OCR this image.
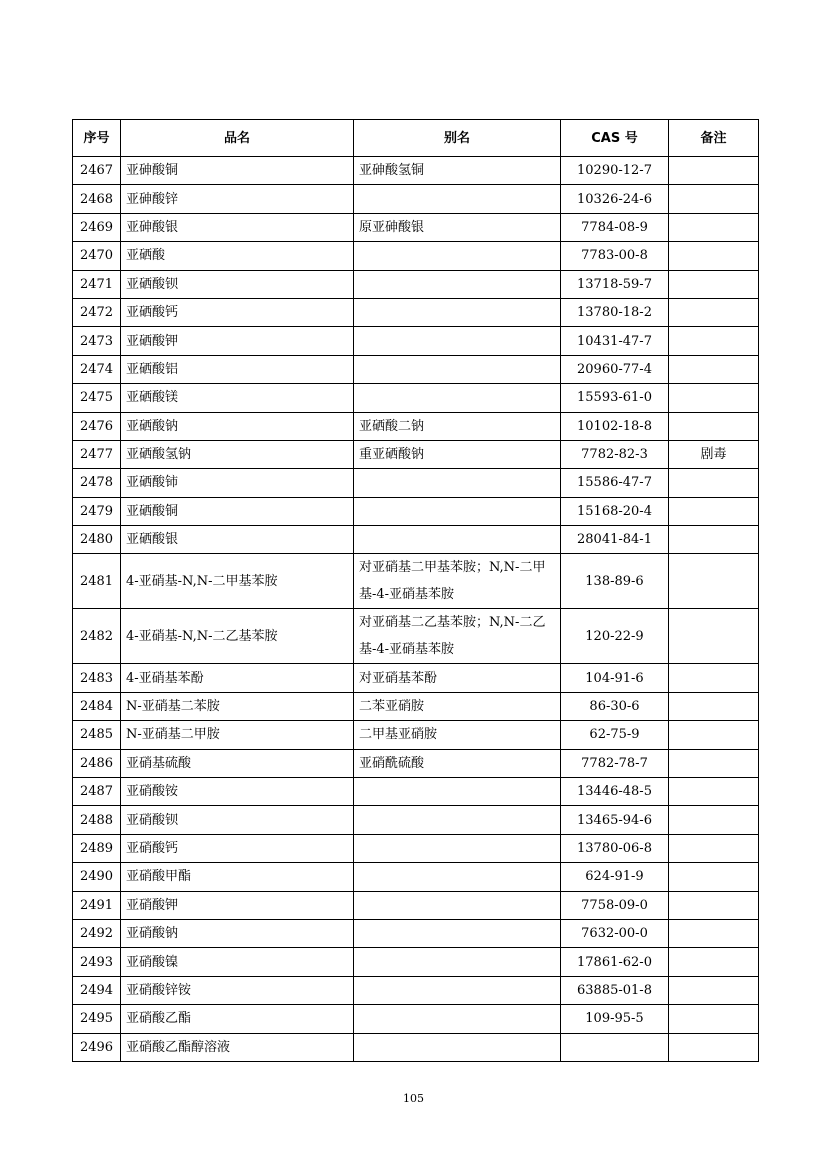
序号	品名	别名	CAS 号	备注
2467	亚砷酸铜	亚砷酸氢铜	10290-12-7	
2468	亚砷酸锌		10326-24-6	
2469	亚砷酸银	原亚砷酸银	7784-08-9	
2470	亚硒酸		7783-00-8	
2471	亚硒酸钡		13718-59-7	
2472	亚硒酸钙		13780-18-2	
2473	亚硒酸钾		10431-47-7	
2474	亚硒酸铝		20960-77-4	
2475	亚硒酸镁		15593-61-0	
2476	亚硒酸钠	亚硒酸二钠	10102-18-8	
2477	亚硒酸氢钠	重亚硒酸钠	7782-82-3	剧毒
2478	亚硒酸铈		15586-47-7	
2479	亚硒酸铜		15168-20-4	
2480	亚硒酸银		28041-84-1	
2481	4-亚硝基-N,N-二甲基苯胺	对亚硝基二甲基苯胺；N,N-二甲基-4-亚硝基苯胺	138-89-6	
2482	4-亚硝基-N,N-二乙基苯胺	对亚硝基二乙基苯胺；N,N-二乙基-4-亚硝基苯胺	120-22-9	
2483	4-亚硝基苯酚	对亚硝基苯酚	104-91-6	
2484	N-亚硝基二苯胺	二苯亚硝胺	86-30-6	
2485	N-亚硝基二甲胺	二甲基亚硝胺	62-75-9	
2486	亚硝基硫酸	亚硝酰硫酸	7782-78-7	
2487	亚硝酸铵		13446-48-5	
2488	亚硝酸钡		13465-94-6	
2489	亚硝酸钙		13780-06-8	
2490	亚硝酸甲酯		624-91-9	
2491	亚硝酸钾		7758-09-0	
2492	亚硝酸钠		7632-00-0	
2493	亚硝酸镍		17861-62-0	
2494	亚硝酸锌铵		63885-01-8	
2495	亚硝酸乙酯		109-95-5	
2496	亚硝酸乙酯醇溶液			
105
